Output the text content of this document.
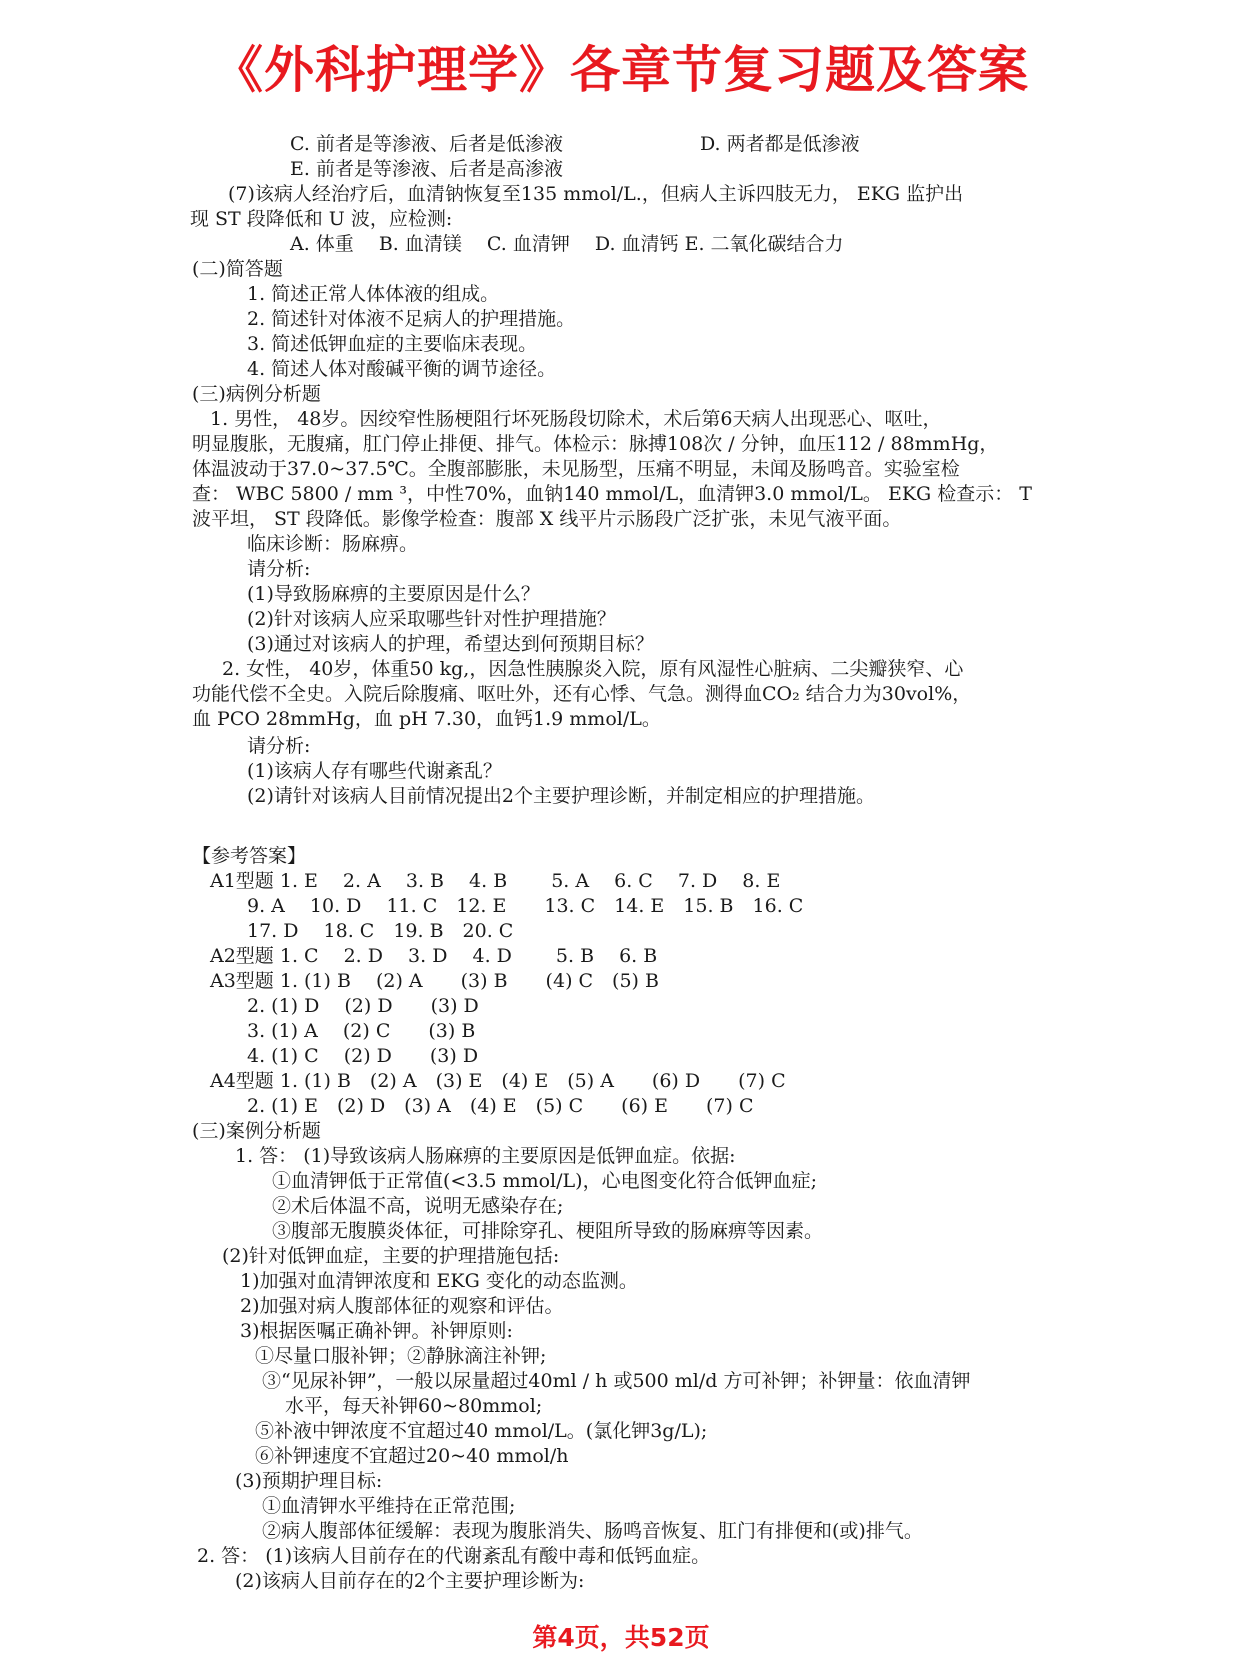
《外科护理学》各章节复习题及答案
C. 前者是等渗液、后者是低渗液	D. 两者都是低渗液
E. 前者是等渗液、后者是高渗液
(7)该病人经治疗后，血清钠恢复至135 mmol/L.，但病人主诉四肢无力， EKG 监护出
现 ST 段降低和 U 波，应检测:
A. 体重　 B. 血清镁　 C. 血清钾　 D. 血清钙 E. 二氧化碳结合力
(二)简答题
1. 简述正常人体体液的组成。
2. 简述针对体液不足病人的护理措施。
3. 简述低钾血症的主要临床表现。
4. 简述人体对酸碱平衡的调节途径。
(三)病例分析题
1. 男性， 48岁。因绞窄性肠梗阻行坏死肠段切除术，术后第6天病人出现恶心、呕吐，
明显腹胀，无腹痛，肛门停止排便、排气。体检示：脉搏108次 / 分钟，血压112 / 88mmHg，
体温波动于37.0~37.5℃。全腹部膨胀，未见肠型，压痛不明显，未闻及肠鸣音。实验室检
查： WBC 5800 / mm ³，中性70%，血钠140 mmol/L，血清钾3.0 mmol/L。 EKG 检查示： T
波平坦， ST 段降低。影像学检查：腹部 X 线平片示肠段广泛扩张，未见气液平面。
临床诊断：肠麻痹。
请分析:
(1)导致肠麻痹的主要原因是什么？
(2)针对该病人应采取哪些针对性护理措施？
(3)通过对该病人的护理，希望达到何预期目标？
2. 女性， 40岁，体重50 kg,，因急性胰腺炎入院，原有风湿性心脏病、二尖瓣狭窄、心
功能代偿不全史。入院后除腹痛、呕吐外，还有心悸、气急。测得血CO₂ 结合力为30vol%，
血 PCO 28mmHg，血 pH 7.30，血钙1.9 mmol/L。
请分析:
(1)该病人存有哪些代谢紊乱？
(2)请针对该病人目前情况提出2个主要护理诊断，并制定相应的护理措施。
【参考答案】
A1型题 1. E　 2. A　 3. B　 4. B　　 5. A　 6. C　 7. D　 8. E
9. A　 10. D　 11. C　12. E　　13. C　14. E　15. B　16. C
17. D　 18. C　19. B　20. C
A2型题 1. C　 2. D　 3. D　 4. D　　 5. B　 6. B
A3型题 1. (1) B　 (2) A　　(3) B　　(4) C　(5) B
2. (1) D　 (2) D　　(3) D
3. (1) A　 (2) C　　(3) B
4. (1) C　 (2) D　　(3) D
A4型题 1. (1) B　(2) A　(3) E　(4) E　(5) A　　(6) D　　(7) C
2. (1) E　(2) D　(3) A　(4) E　(5) C　　(6) E　　(7) C
(三)案例分析题
1. 答： (1)导致该病人肠麻痹的主要原因是低钾血症。依据:
①血清钾低于正常值(<3.5 mmol/L)，心电图变化符合低钾血症;
②术后体温不高，说明无感染存在;
③腹部无腹膜炎体征，可排除穿孔、梗阻所导致的肠麻痹等因素。
(2)针对低钾血症，主要的护理措施包括:
1)加强对血清钾浓度和 EKG 变化的动态监测。
2)加强对病人腹部体征的观察和评估。
3)根据医嘱正确补钾。补钾原则:
①尽量口服补钾；②静脉滴注补钾;
③“见尿补钾”，一般以尿量超过40ml / h 或500 ml/d 方可补钾；补钾量：依血清钾
水平，每天补钾60~80mmol;
⑤补液中钾浓度不宜超过40 mmol/L。(氯化钾3g/L);
⑥补钾速度不宜超过20~40 mmol/h
(3)预期护理目标:
①血清钾水平维持在正常范围;
②病人腹部体征缓解：表现为腹胀消失、肠鸣音恢复、肛门有排便和(或)排气。
2. 答： (1)该病人目前存在的代谢紊乱有酸中毒和低钙血症。
(2)该病人目前存在的2个主要护理诊断为:
第4页，共52页
